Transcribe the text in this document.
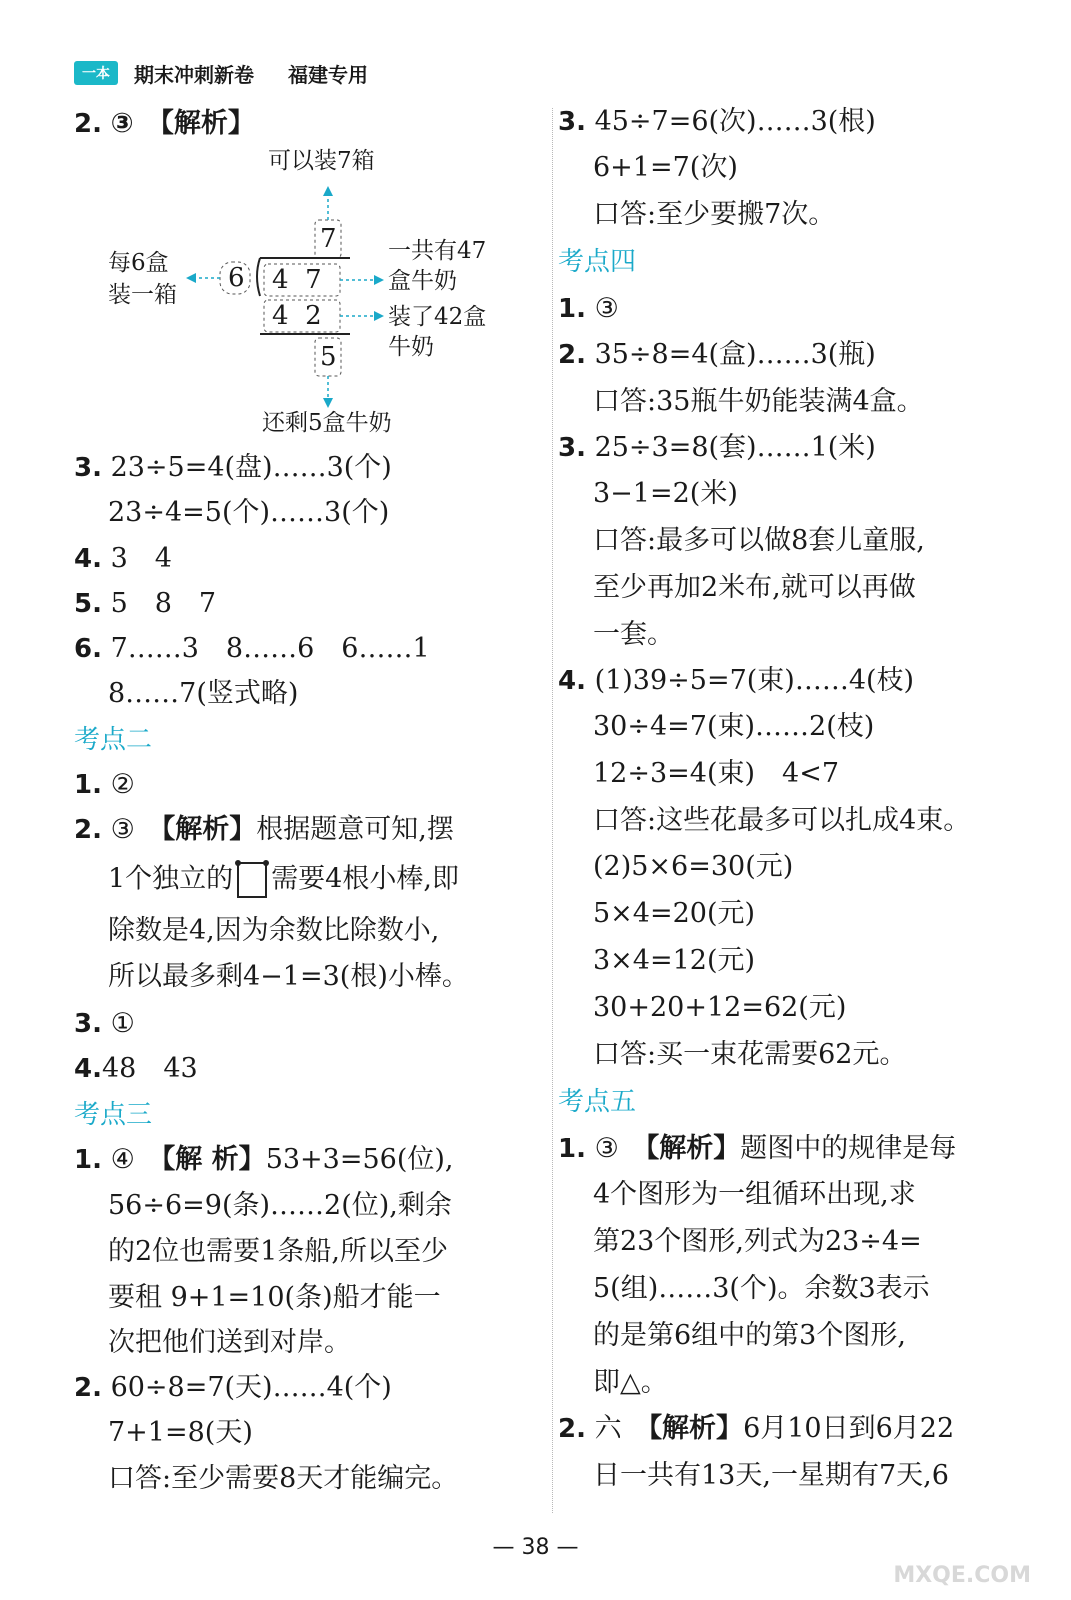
一本	期末冲刺新卷 福建专用
2. ③　【解析】
可以装7箱
每6盒
装一箱
6
7
4  7
4  2
5
一共有47
盒牛奶
装了42盒
牛奶
还剩5盒牛奶
3. 23÷5=4(盘)……3(个)
23÷4=5(个)……3(个)
4. 3　4
5. 5　8　7
6. 7……3　8……6　6……1
8……7(竖式略)
考点二
1. ②
2. ③　【解析】根据题意可知,摆
1个独立的 需要4根小棒,即
除数是4,因为余数比除数小,
所以最多剩4−1=3(根)小棒。
3. ①
4.48　43
考点三
1. ④　【解 析】53+3=56(位),
56÷6=9(条)……2(位),剩余
的2位也需要1条船,所以至少
要租 9+1=10(条)船才能一
次把他们送到对岸。
2. 60÷8=7(天)……4(个)
7+1=8(天)
口答:至少需要8天才能编完。
3. 45÷7=6(次)……3(根)
6+1=7(次)
口答:至少要搬7次。
考点四
1. ③
2. 35÷8=4(盒)……3(瓶)
口答:35瓶牛奶能装满4盒。
3. 25÷3=8(套)……1(米)
3−1=2(米)
口答:最多可以做8套儿童服,
至少再加2米布,就可以再做
一套。
4. (1)39÷5=7(束)……4(枝)
30÷4=7(束)……2(枝)
12÷3=4(束)　4<7
口答:这些花最多可以扎成4束。
(2)5×6=30(元)
5×4=20(元)
3×4=12(元)
30+20+12=62(元)
口答:买一束花需要62元。
考点五
1. ③　【解析】题图中的规律是每
4个图形为一组循环出现,求
第23个图形,列式为23÷4=
5(组)……3(个)。余数3表示
的是第6组中的第3个图形,
即△。
2. 六　【解析】6月10日到6月22
日一共有13天,一星期有7天,6
— 38 —
MXQE.COM
